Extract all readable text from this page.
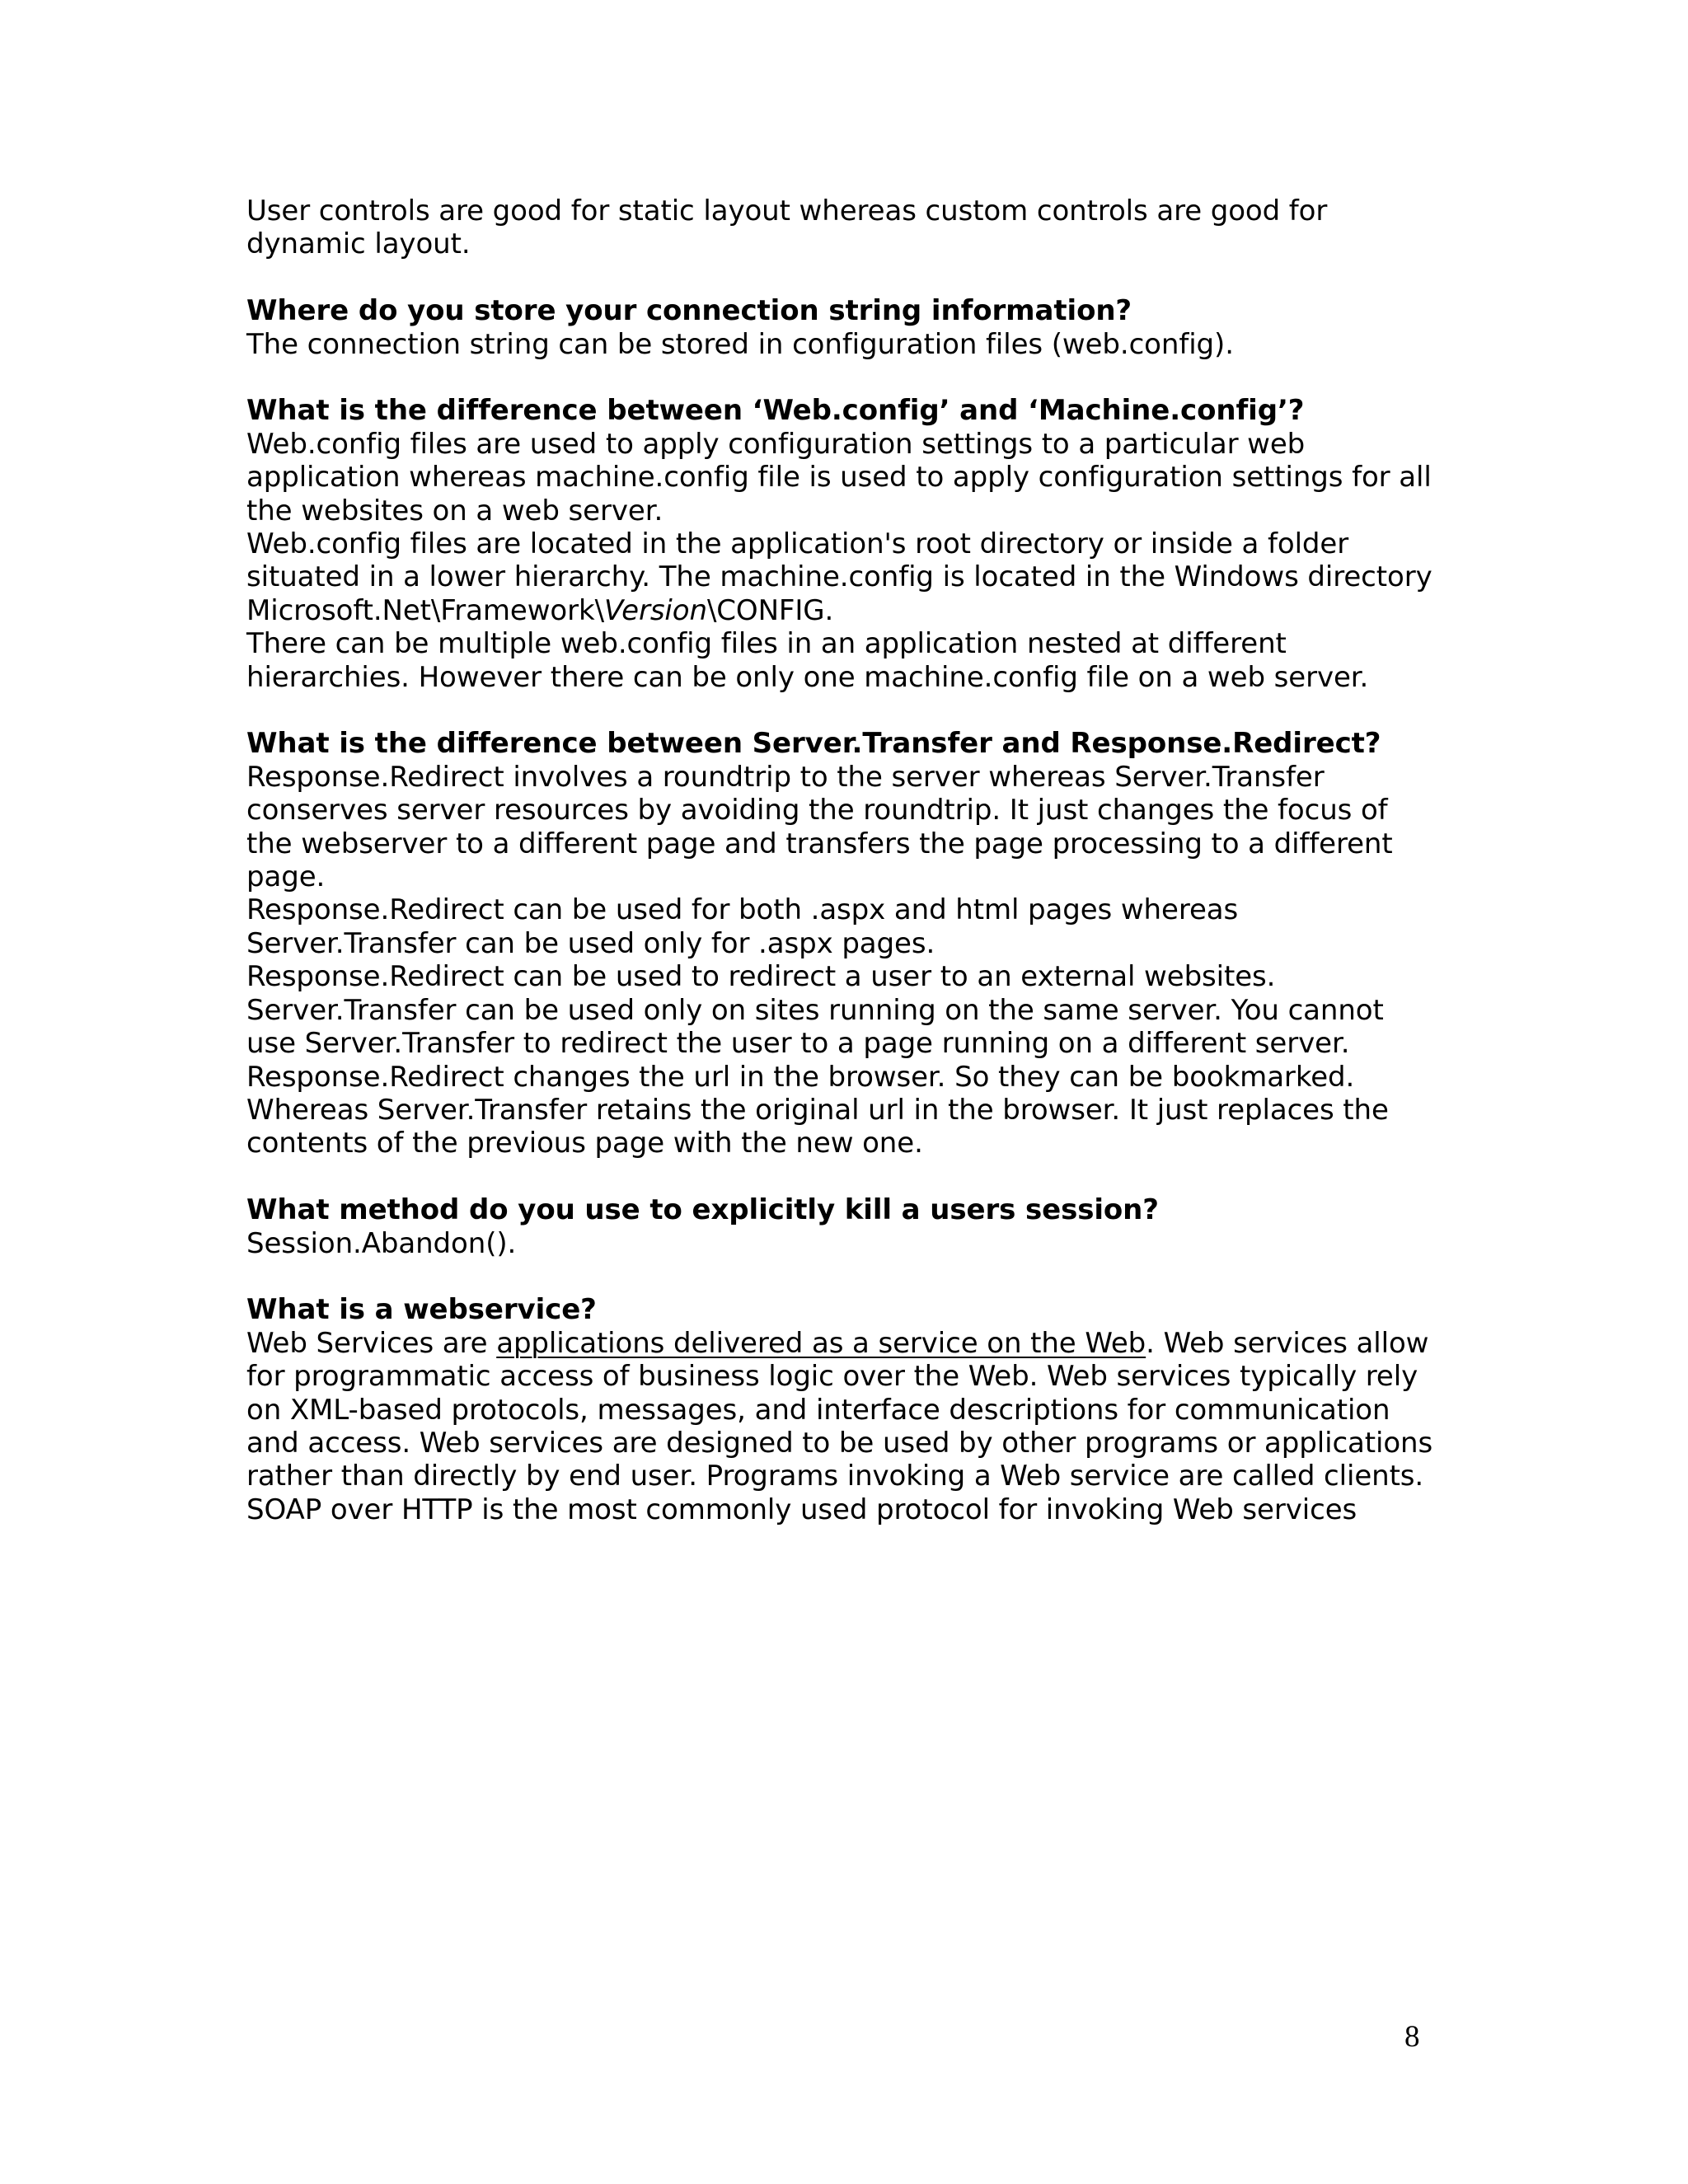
User controls are good for static layout whereas custom controls are good for
dynamic layout.
Where do you store your connection string information?
The connection string can be stored in configuration files (web.config).
What is the difference between ‘Web.config’ and ‘Machine.config’?
Web.config files are used to apply configuration settings to a particular web
application whereas machine.config file is used to apply configuration settings for all
the websites on a web server.
Web.config files are located in the application's root directory or inside a folder
situated in a lower hierarchy. The machine.config is located in the Windows directory
Microsoft.Net\Framework\Version\CONFIG.
There can be multiple web.config files in an application nested at different
hierarchies. However there can be only one machine.config file on a web server.
What is the difference between Server.Transfer and Response.Redirect?
Response.Redirect involves a roundtrip to the server whereas Server.Transfer
conserves server resources by avoiding the roundtrip. It just changes the focus of
the webserver to a different page and transfers the page processing to a different
page.
Response.Redirect can be used for both .aspx and html pages whereas
Server.Transfer can be used only for .aspx pages.
Response.Redirect can be used to redirect a user to an external websites.
Server.Transfer can be used only on sites running on the same server. You cannot
use Server.Transfer to redirect the user to a page running on a different server.
Response.Redirect changes the url in the browser. So they can be bookmarked.
Whereas Server.Transfer retains the original url in the browser. It just replaces the
contents of the previous page with the new one.
What method do you use to explicitly kill a users session?
Session.Abandon().
What is a webservice?
Web Services are applications delivered as a service on the Web. Web services allow
for programmatic access of business logic over the Web. Web services typically rely
on XML-based protocols, messages, and interface descriptions for communication
and access. Web services are designed to be used by other programs or applications
rather than directly by end user. Programs invoking a Web service are called clients.
SOAP over HTTP is the most commonly used protocol for invoking Web services
8
